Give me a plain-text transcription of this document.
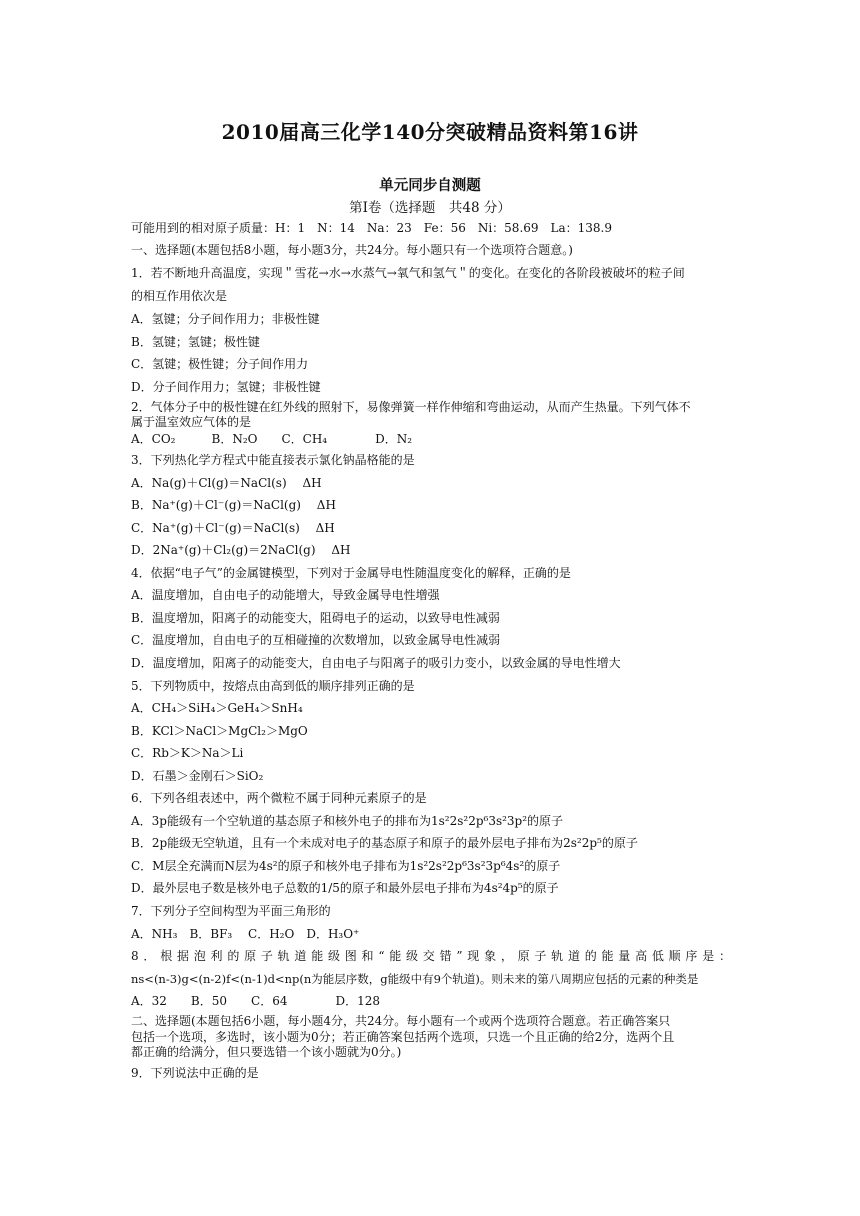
2010届高三化学140分突破精品资料第16讲
单元同步自测题
第Ⅰ卷（选择题　共48 分）
可能用到的相对原子质量：H：1　N：14　Na：23　Fe：56　Ni：58.69　La：138.9
一、选择题(本题包括8小题，每小题3分，共24分。每小题只有一个选项符合题意。)
1．若不断地升高温度，实现＂雪花→水→水蒸气→氧气和氢气＂的变化。在变化的各阶段被破坏的粒子间
的相互作用依次是
A．氢键；分子间作用力；非极性键
B．氢键；氢键；极性键
C．氢键；极性键；分子间作用力
D．分子间作用力；氢键；非极性键
2．气体分子中的极性键在红外线的照射下，易像弹簧一样作伸缩和弯曲运动，从而产生热量。下列气体不
属于温室效应气体的是
A．CO₂　　　B．N₂O　　C．CH₄　　　　D．N₂
3．下列热化学方程式中能直接表示氯化钠晶格能的是
A．Na(g)＋Cl(g)＝NaCl(s)　 ΔH
B．Na⁺(g)＋Cl⁻(g)＝NaCl(g)　 ΔH
C．Na⁺(g)＋Cl⁻(g)＝NaCl(s)　 ΔH
D．2Na⁺(g)＋Cl₂(g)＝2NaCl(g)　 ΔH
4．依据“电子气”的金属键模型，下列对于金属导电性随温度变化的解释，正确的是
A．温度增加，自由电子的动能增大，导致金属导电性增强
B．温度增加，阳离子的动能变大，阻碍电子的运动，以致导电性减弱
C．温度增加，自由电子的互相碰撞的次数增加，以致金属导电性减弱
D．温度增加，阳离子的动能变大，自由电子与阳离子的吸引力变小，以致金属的导电性增大
5．下列物质中，按熔点由高到低的顺序排列正确的是
A．CH₄＞SiH₄＞GeH₄＞SnH₄
B．KCl＞NaCl＞MgCl₂＞MgO
C．Rb＞K＞Na＞Li
D．石墨＞金刚石＞SiO₂
6．下列各组表述中，两个微粒不属于同种元素原子的是
A．3p能级有一个空轨道的基态原子和核外电子的排布为1s²2s²2p⁶3s²3p²的原子
B．2p能级无空轨道，且有一个未成对电子的基态原子和原子的最外层电子排布为2s²2p⁵的原子
C．M层全充满而N层为4s²的原子和核外电子排布为1s²2s²2p⁶3s²3p⁶4s²的原子
D．最外层电子数是核外电子总数的1/5的原子和最外层电子排布为4s²4p⁵的原子
7．下列分子空间构型为平面三角形的
A．NH₃　B．BF₃　 C．H₂O　D．H₃O⁺
8．根据泡利的原子轨道能级图和“能级交错”现象，原子轨道的能量高低顺序是：
ns<(n-3)g<(n-2)f<(n-1)d<np(n为能层序数，g能级中有9个轨道)。则未来的第八周期应包括的元素的种类是
A．32　　B．50　　C．64　　　　D．128
二、选择题(本题包括6小题，每小题4分，共24分。每小题有一个或两个选项符合题意。若正确答案只
包括一个选项，多选时，该小题为0分；若正确答案包括两个选项，只选一个且正确的给2分，选两个且
都正确的给满分，但只要选错一个该小题就为0分。)
9．下列说法中正确的是
